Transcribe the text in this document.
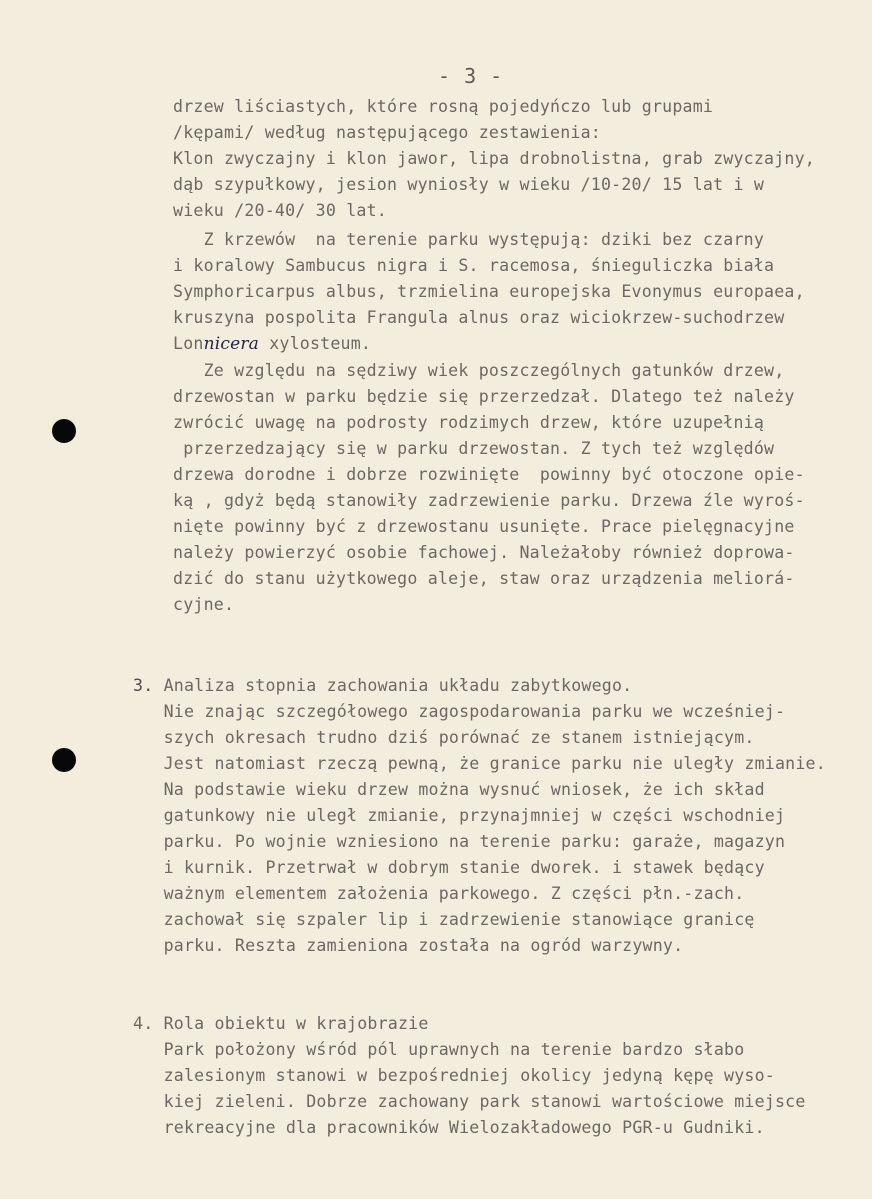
- 3 -
drzew liściastych, które rosną pojedyńczo lub grupami
/kępami/ według następującego zestawienia:
Klon zwyczajny i klon jawor, lipa drobnolistna, grab zwyczajny,
dąb szypułkowy, jesion wyniosły w wieku /10-20/ 15 lat i w
wieku /20-40/ 30 lat.
Z krzewów  na terenie parku występują: dziki bez czarny
i koralowy Sambucus nigra i S. racemosa, śnieguliczka biała
Symphoricarpus albus, trzmielina europejska Evonymus europaea,
kruszyna pospolita Frangula alnus oraz wiciokrzew-suchodrzew
Lonnicera xylosteum.
Ze względu na sędziwy wiek poszczególnych gatunków drzew,
drzewostan w parku będzie się przerzedzał. Dlatego też należy
zwrócić uwagę na podrosty rodzimych drzew, które uzupełnią
przerzedzający się w parku drzewostan. Z tych też względów
drzewa dorodne i dobrze rozwinięte  powinny być otoczone opie-
ką , gdyż będą stanowiły zadrzewienie parku. Drzewa źle wyroś-
nięte powinny być z drzewostanu usunięte. Prace pielęgnacyjne
należy powierzyć osobie fachowej. Należałoby również doprowa-
dzić do stanu użytkowego aleje, staw oraz urządzenia meliorá-
cyjne.
3. Analiza stopnia zachowania układu zabytkowego.
Nie znając szczegółowego zagospodarowania parku we wcześniej-
szych okresach trudno dziś porównać ze stanem istniejącym.
Jest natomiast rzeczą pewną, że granice parku nie uległy zmianie.
Na podstawie wieku drzew można wysnuć wniosek, że ich skład
gatunkowy nie uległ zmianie, przynajmniej w części wschodniej
parku. Po wojnie wzniesiono na terenie parku: garaże, magazyn
i kurnik. Przetrwał w dobrym stanie dworek. i stawek będący
ważnym elementem założenia parkowego. Z części płn.-zach.
zachował się szpaler lip i zadrzewienie stanowiące granicę
parku. Reszta zamieniona została na ogród warzywny.
4. Rola obiektu w krajobrazie
Park położony wśród pól uprawnych na terenie bardzo słabo
zalesionym stanowi w bezpośredniej okolicy jedyną kępę wyso-
kiej zieleni. Dobrze zachowany park stanowi wartościowe miejsce
rekreacyjne dla pracowników Wielozakładowego PGR-u Gudniki.
